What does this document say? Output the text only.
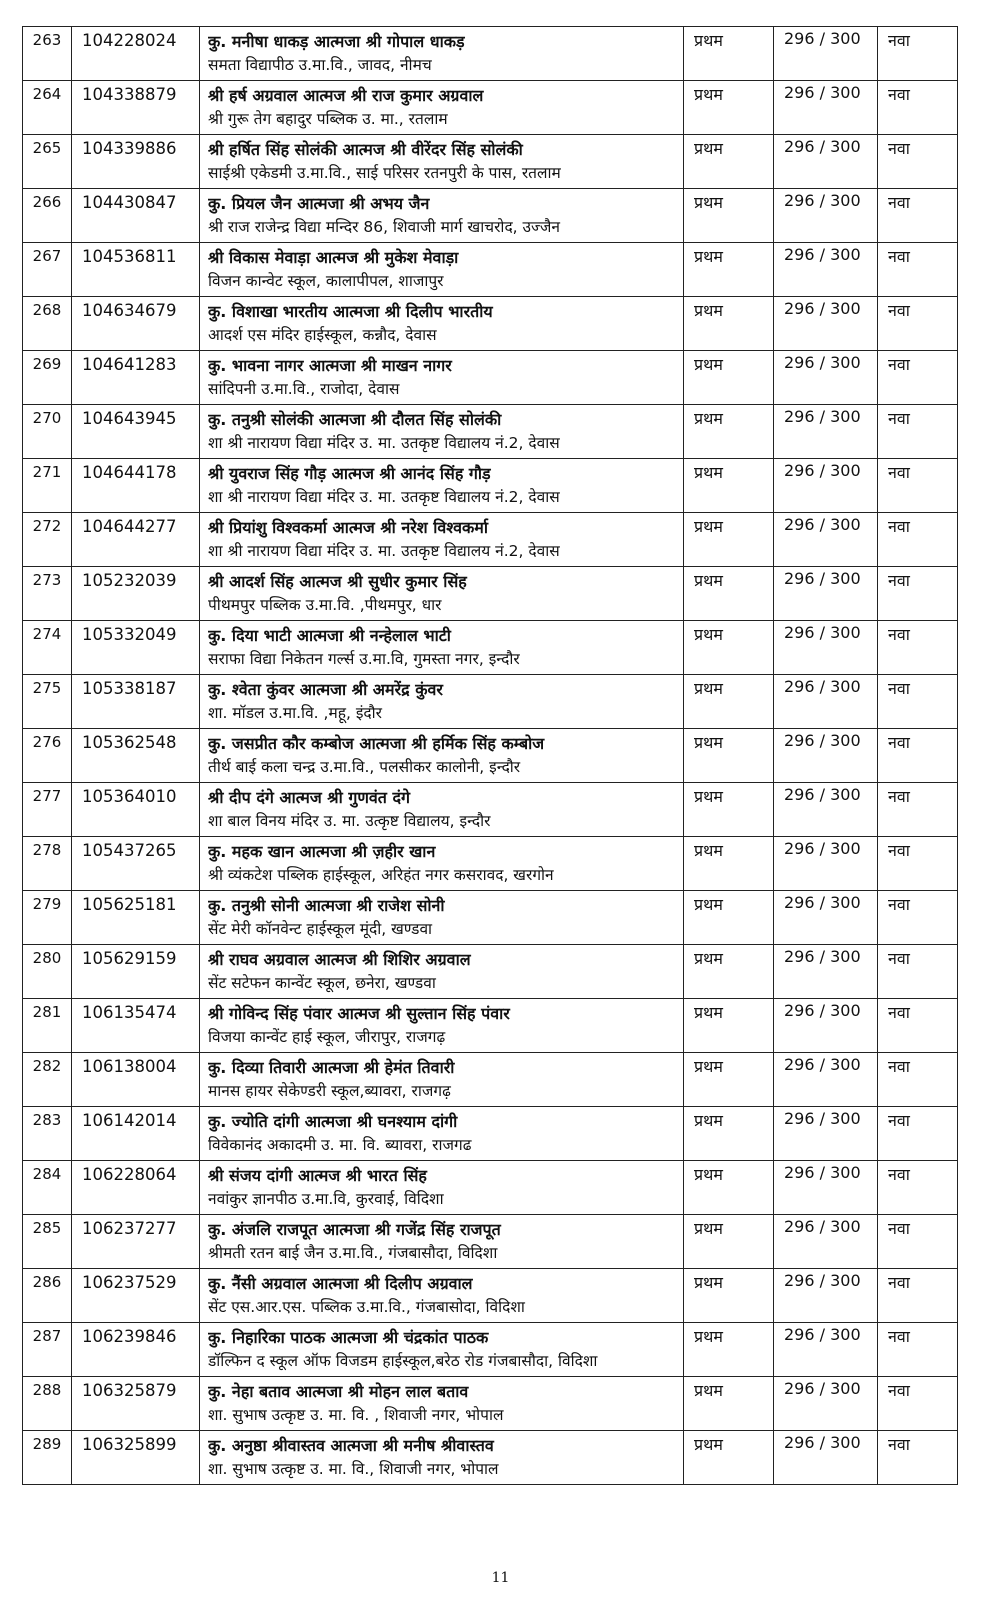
263	104228024	कु. मनीषा धाकड़ आत्मजा श्री गोपाल धाकड़
समता विद्यापीठ उ.मा.वि., जावद, नीमच	प्रथम	296 / 300	नवा
264	104338879	श्री हर्ष अग्रवाल आत्मज श्री राज कुमार अग्रवाल
श्री गुरू तेग बहादुर पब्लिक उ. मा., रतलाम	प्रथम	296 / 300	नवा
265	104339886	श्री हर्षित सिंह सोलंकी आत्मज श्री वीरेंदर सिंह सोलंकी
साईश्री एकेडमी उ.मा.वि., साई परिसर रतनपुरी के पास, रतलाम	प्रथम	296 / 300	नवा
266	104430847	कु. प्रियल जैन आत्मजा श्री अभय जैन
श्री राज राजेन्द्र विद्या मन्दिर 86, शिवाजी मार्ग खाचरोद, उज्जैन	प्रथम	296 / 300	नवा
267	104536811	श्री विकास मेवाड़ा आत्मज श्री मुकेश मेवाड़ा
विजन कान्वेट स्कूल, कालापीपल, शाजापुर	प्रथम	296 / 300	नवा
268	104634679	कु. विशाखा भारतीय आत्मजा श्री दिलीप भारतीय
आदर्श एस मंदिर हाईस्कूल, कन्नौद, देवास	प्रथम	296 / 300	नवा
269	104641283	कु. भावना नागर आत्मजा श्री माखन नागर
सांदिपनी उ.मा.वि., राजोदा, देवास	प्रथम	296 / 300	नवा
270	104643945	कु. तनुश्री सोलंकी आत्मजा श्री दौलत सिंह सोलंकी
शा श्री नारायण विद्या मंदिर उ. मा. उतकृष्ट विद्यालय नं.2, देवास	प्रथम	296 / 300	नवा
271	104644178	श्री युवराज सिंह गौड़ आत्मज श्री आनंद सिंह गौड़
शा श्री नारायण विद्या मंदिर उ. मा. उतकृष्ट विद्यालय नं.2, देवास	प्रथम	296 / 300	नवा
272	104644277	श्री प्रियांशु विश्वकर्मा आत्मज श्री नरेश विश्वकर्मा
शा श्री नारायण विद्या मंदिर उ. मा. उतकृष्ट विद्यालय नं.2, देवास	प्रथम	296 / 300	नवा
273	105232039	श्री आदर्श सिंह आत्मज श्री सुधीर कुमार सिंह
पीथमपुर पब्लिक उ.मा.वि. ,पीथमपुर, धार	प्रथम	296 / 300	नवा
274	105332049	कु. दिया भाटी आत्मजा श्री नन्हेलाल भाटी
सराफा विद्या निकेतन गर्ल्स उ.मा.वि, गुमस्ता नगर, इन्दौर	प्रथम	296 / 300	नवा
275	105338187	कु. श्वेता कुंवर आत्मजा श्री अमरेंद्र कुंवर
शा. मॉडल उ.मा.वि. ,महू, इंदौर	प्रथम	296 / 300	नवा
276	105362548	कु. जसप्रीत कौर कम्बोज आत्मजा श्री हर्मिक सिंह कम्बोज
तीर्थ बाई कला चन्द्र उ.मा.वि., पलसीकर कालोनी, इन्दौर	प्रथम	296 / 300	नवा
277	105364010	श्री दीप दंगे आत्मज श्री गुणवंत दंगे
शा बाल विनय मंदिर उ. मा. उत्कृष्ट विद्यालय, इन्दौर	प्रथम	296 / 300	नवा
278	105437265	कु. महक खान आत्मजा श्री ज़हीर खान
श्री व्यंकटेश पब्लिक हाईस्कूल, अरिहंत नगर कसरावद, खरगोन	प्रथम	296 / 300	नवा
279	105625181	कु. तनुश्री सोनी आत्मजा श्री राजेश सोनी
सेंट मेरी कॉनवेन्ट हाईस्कूल मूंदी, खण्डवा	प्रथम	296 / 300	नवा
280	105629159	श्री राघव अग्रवाल आत्मज श्री शिशिर अग्रवाल
सेंट सटेफन कान्वेंट स्कूल, छनेरा, खण्डवा	प्रथम	296 / 300	नवा
281	106135474	श्री गोविन्द सिंह पंवार आत्मज श्री सुल्तान सिंह पंवार
विजया कान्वेंट हाई स्कूल, जीरापुर, राजगढ़	प्रथम	296 / 300	नवा
282	106138004	कु. दिव्या तिवारी आत्मजा श्री हेमंत तिवारी
मानस हायर सेकेण्डरी स्कूल,ब्यावरा, राजगढ़	प्रथम	296 / 300	नवा
283	106142014	कु. ज्योति दांगी आत्मजा श्री घनश्याम दांगी
विवेकानंद अकादमी उ. मा. वि. ब्यावरा, राजगढ	प्रथम	296 / 300	नवा
284	106228064	श्री संजय दांगी आत्मज श्री भारत सिंह
नवांकुर ज्ञानपीठ उ.मा.वि, कुरवाई, विदिशा	प्रथम	296 / 300	नवा
285	106237277	कु. अंजलि राजपूत आत्मजा श्री गजेंद्र सिंह राजपूत
श्रीमती रतन बाई जैन उ.मा.वि., गंजबासौदा, विदिशा	प्रथम	296 / 300	नवा
286	106237529	कु. नैंसी अग्रवाल आत्मजा श्री दिलीप अग्रवाल
सेंट एस.आर.एस. पब्लिक उ.मा.वि., गंजबासोदा, विदिशा	प्रथम	296 / 300	नवा
287	106239846	कु. निहारिका पाठक आत्मजा श्री चंद्रकांत पाठक
डॉल्फिन द स्कूल ऑफ विजडम हाईस्कूल,बरेठ रोड गंजबासौदा, विदिशा	प्रथम	296 / 300	नवा
288	106325879	कु. नेहा बताव आत्मजा श्री मोहन लाल बताव
शा. सुभाष उत्कृष्ट उ. मा. वि. , शिवाजी नगर, भोपाल	प्रथम	296 / 300	नवा
289	106325899	कु. अनुष्ठा श्रीवास्तव आत्मजा श्री मनीष श्रीवास्तव
शा. सुभाष उत्कृष्ट उ. मा. वि., शिवाजी नगर, भोपाल	प्रथम	296 / 300	नवा
11
